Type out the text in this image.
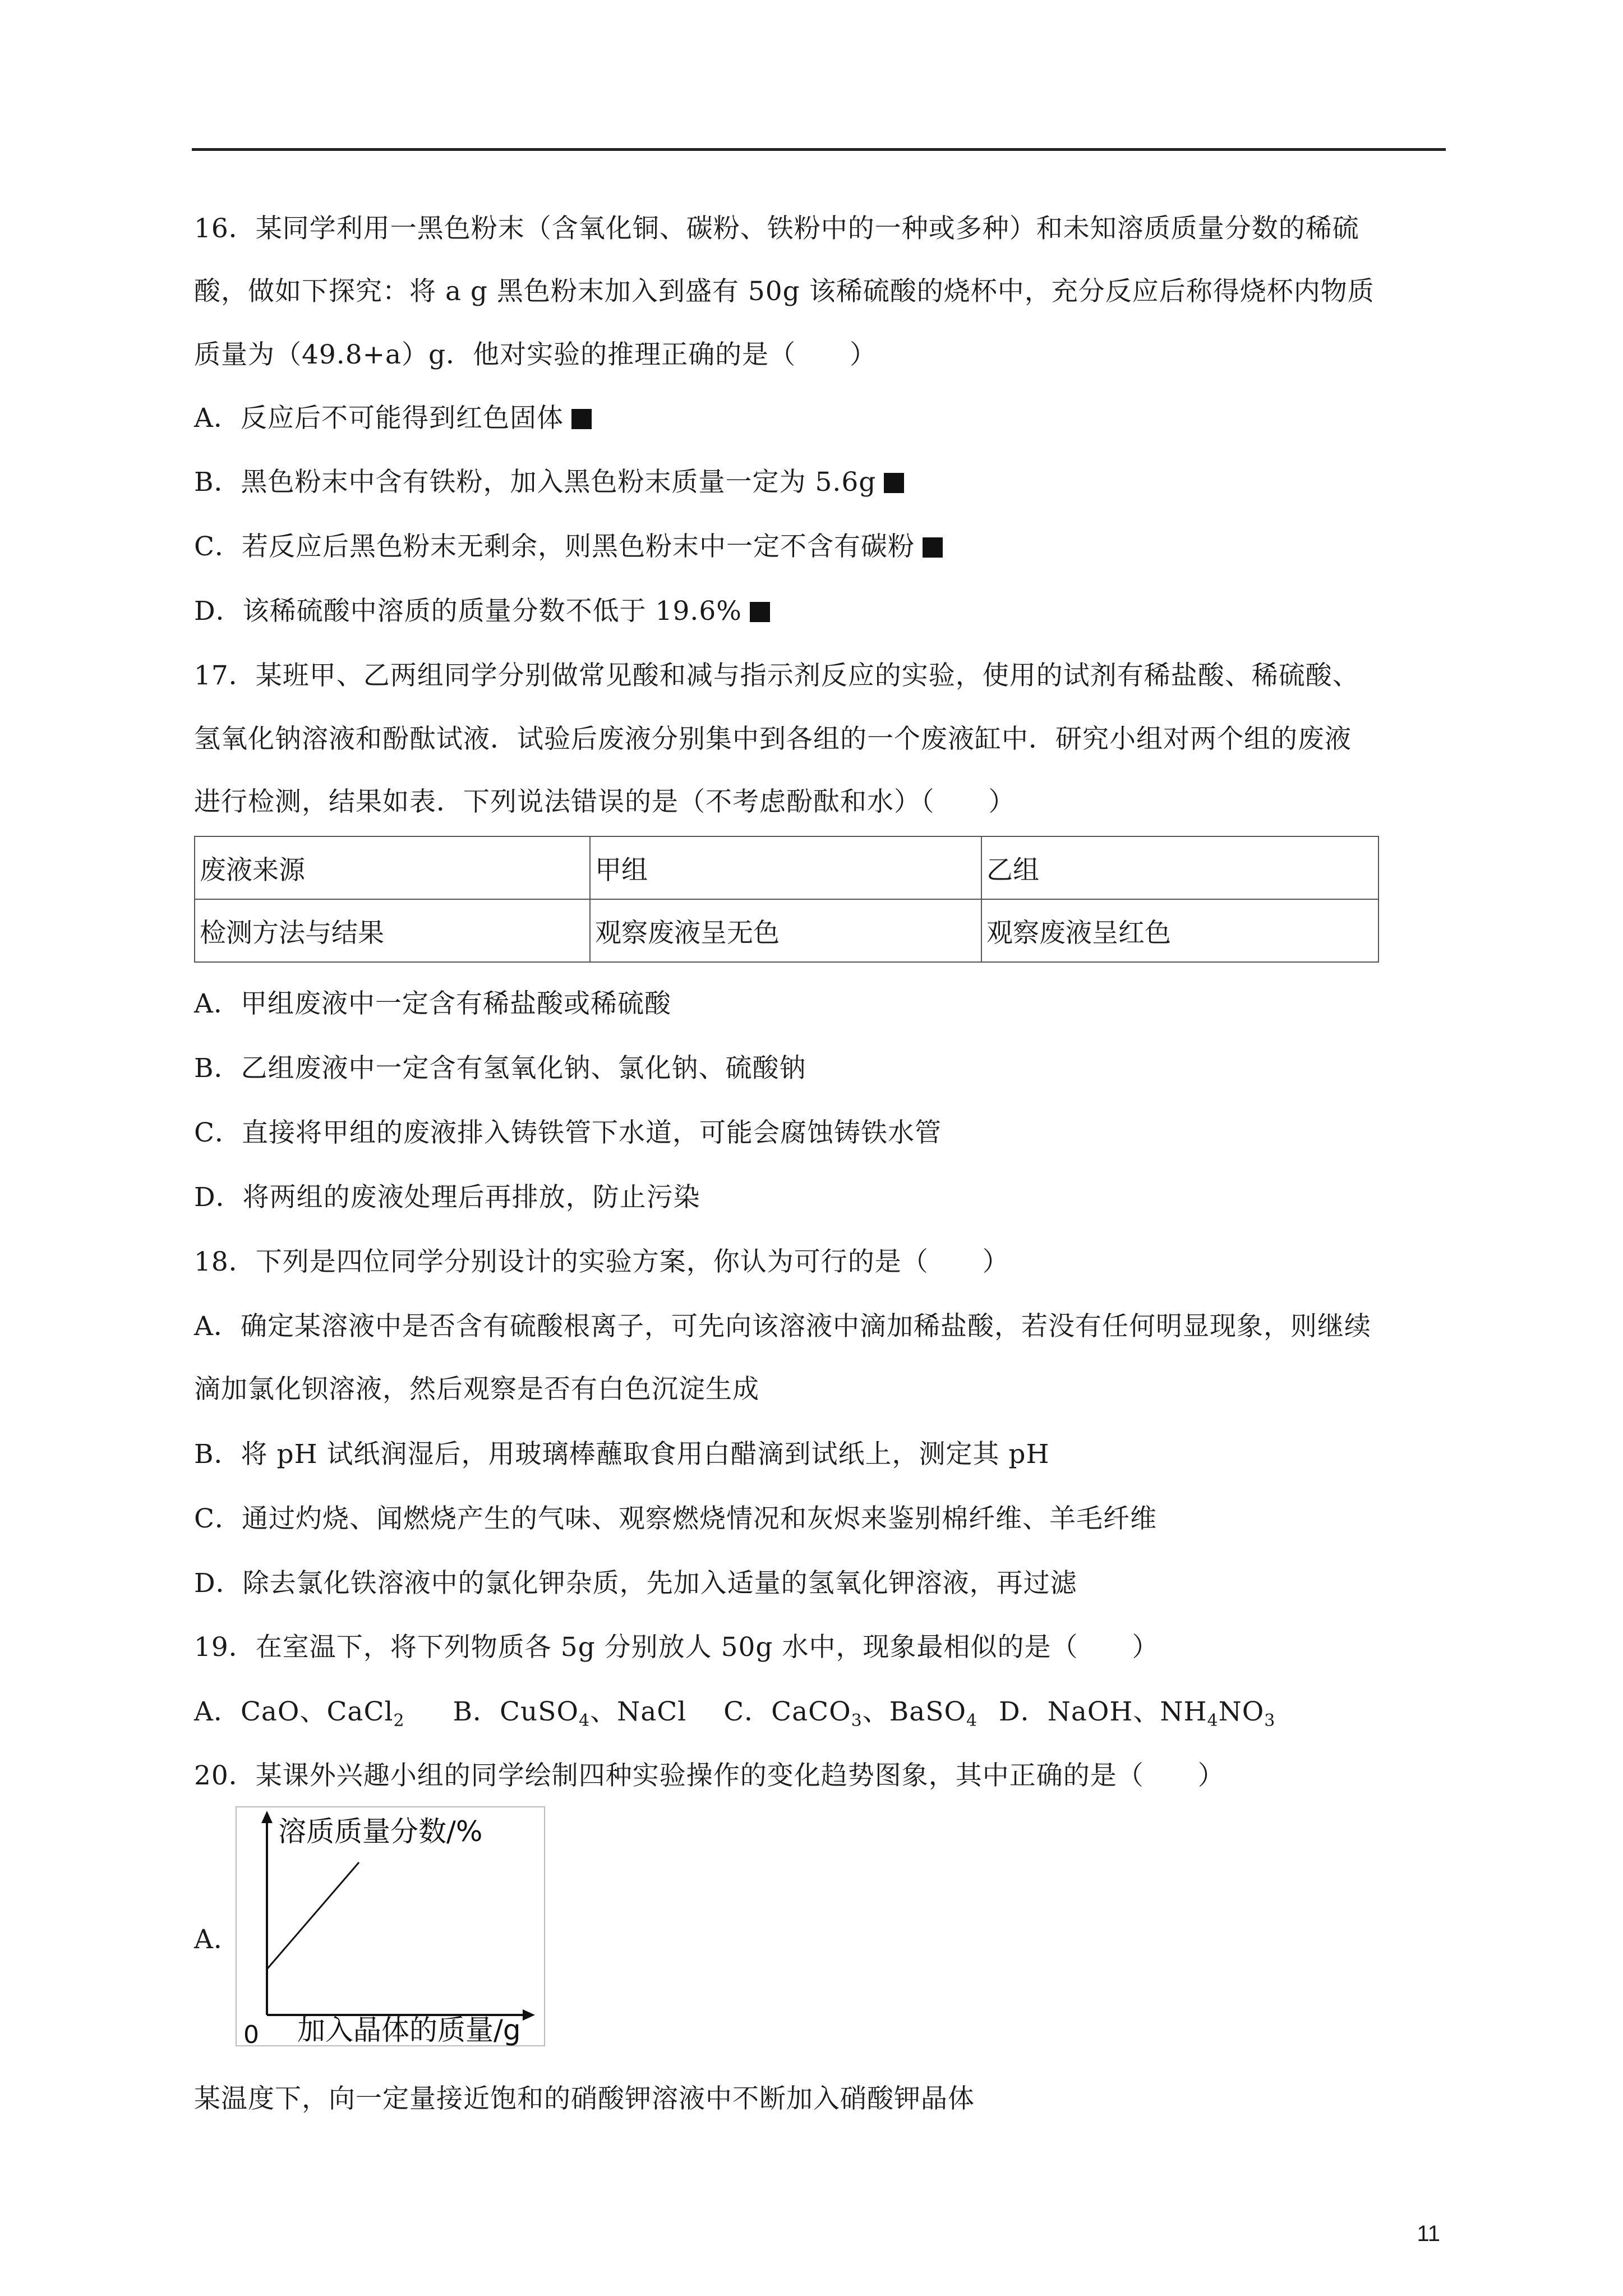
16．某同学利用一黑色粉末（含氧化铜、碳粉、铁粉中的一种或多种）和未知溶质质量分数的稀硫
酸，做如下探究：将 a g 黑色粉末加入到盛有 50g 该稀硫酸的烧杯中，充分反应后称得烧杯内物质
质量为（49.8+a）g．他对实验的推理正确的是（　　）
A．反应后不可能得到红色固体
B．黑色粉末中含有铁粉，加入黑色粉末质量一定为 5.6g
C．若反应后黑色粉末无剩余，则黑色粉末中一定不含有碳粉
D．该稀硫酸中溶质的质量分数不低于 19.6%
17．某班甲、乙两组同学分别做常见酸和减与指示剂反应的实验，使用的试剂有稀盐酸、稀硫酸、
氢氧化钠溶液和酚酞试液．试验后废液分别集中到各组的一个废液缸中．研究小组对两个组的废液
进行检测，结果如表．下列说法错误的是（不考虑酚酞和水）（　　）
废液来源	甲组	乙组
检测方法与结果	观察废液呈无色	观察废液呈红色
A．甲组废液中一定含有稀盐酸或稀硫酸
B．乙组废液中一定含有氢氧化钠、氯化钠、硫酸钠
C．直接将甲组的废液排入铸铁管下水道，可能会腐蚀铸铁水管
D．将两组的废液处理后再排放，防止污染
18．下列是四位同学分别设计的实验方案，你认为可行的是（　　）
A．确定某溶液中是否含有硫酸根离子，可先向该溶液中滴加稀盐酸，若没有任何明显现象，则继续
滴加氯化钡溶液，然后观察是否有白色沉淀生成
B．将 pH 试纸润湿后，用玻璃棒蘸取食用白醋滴到试纸上，测定其 pH
C．通过灼烧、闻燃烧产生的气味、观察燃烧情况和灰烬来鉴别棉纤维、羊毛纤维
D．除去氯化铁溶液中的氯化钾杂质，先加入适量的氢氧化钾溶液，再过滤
19．在室温下，将下列物质各 5g 分别放人 50g 水中，现象最相似的是（　　）
A．CaO、CaCl$_2$ B．CuSO$_4$、NaCl C．CaCO$_3$、BaSO$_4$ D．NaOH、$NH_4NO_3$
20．某课外兴趣小组的同学绘制四种实验操作的变化趋势图象，其中正确的是（　　）
A．
溶质质量分数/%
0 加入晶体的质量/g
某温度下，向一定量接近饱和的硝酸钾溶液中不断加入硝酸钾晶体
11
